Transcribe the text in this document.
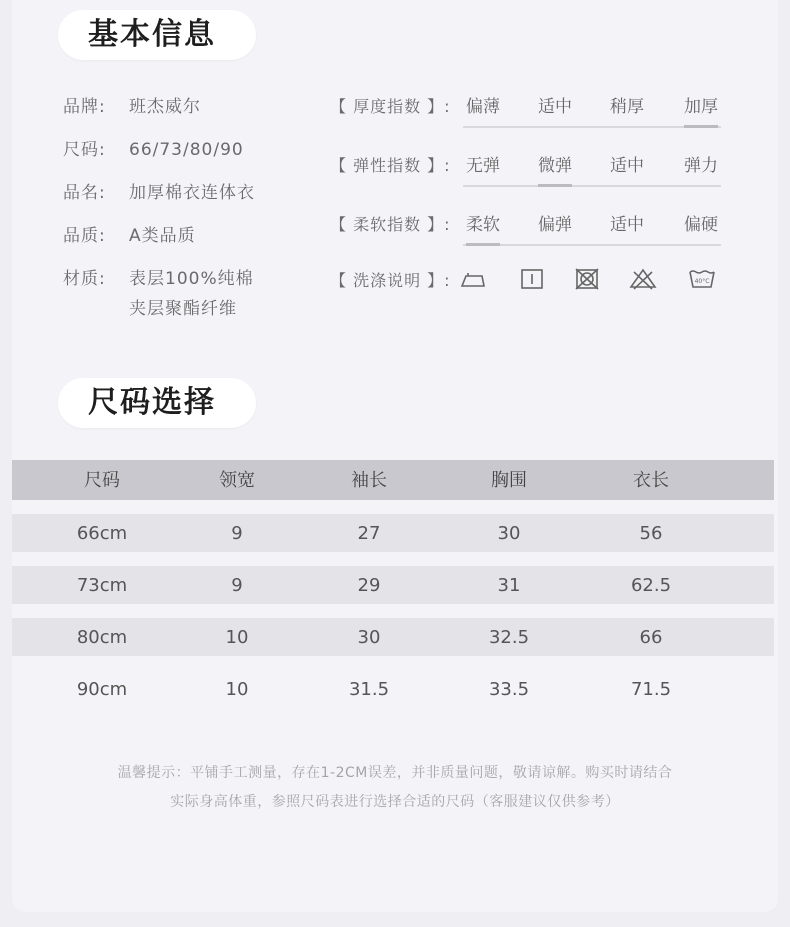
基本信息
品牌:	班杰威尔
尺码:	66/73/80/90
品名:	加厚棉衣连体衣
品质:	A类品质
材质:	表层100%纯棉
夹层聚酯纤维
【 厚度指数 】: 偏薄 适中 稍厚 加厚
【 弹性指数 】: 无弹 微弹 适中 弹力
【 柔软指数 】: 柔软 偏弹 适中 偏硬
【 洗涤说明 】:	40°C
尺码选择
尺码	领宽	袖长	胸围	衣长
66cm	9	27	30	56
73cm	9	29	31	62.5
80cm	10	30	32.5	66
90cm	10	31.5	33.5	71.5
温馨提示：平铺手工测量，存在1-2CM误差，并非质量问题，敬请谅解。购买时请结合
实际身高体重，参照尺码表进行选择合适的尺码（客服建议仅供参考）
